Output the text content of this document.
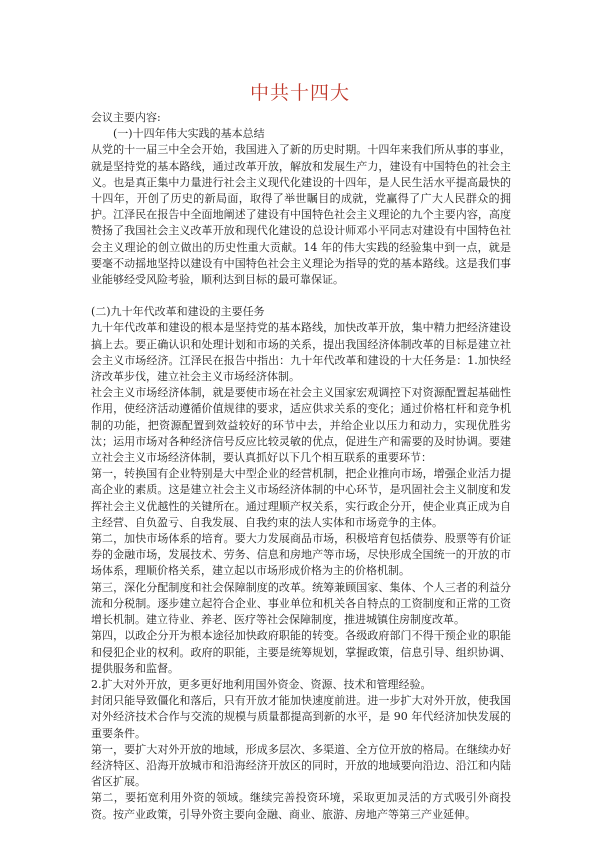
中共十四大

会议主要内容:

(一)十四年伟大实践的基本总结

从党的十一届三中全会开始，我国进入了新的历史时期。十四年来我们所从事的事业，就是坚持党的基本路线，通过改革开放，解放和发展生产力，建设有中国特色的社会主义。也是真正集中力量进行社会主义现代化建设的十四年，是人民生活水平提高最快的十四年，开创了历史的新局面，取得了举世瞩目的成就，党赢得了广大人民群众的拥护。江泽民在报告中全面地阐述了建设有中国特色社会主义理论的九个主要内容，高度赞扬了我国社会主义改革开放和现代化建设的总设计师邓小平同志对建设有中国特色社会主义理论的创立做出的历史性重大贡献。14 年的伟大实践的经验集中到一点，就是要毫不动摇地坚持以建设有中国特色社会主义理论为指导的党的基本路线。这是我们事业能够经受风险考验，顺利达到目标的最可靠保证。

(二)九十年代改革和建设的主要任务

九十年代改革和建设的根本是坚持党的基本路线，加快改革开放，集中精力把经济建设搞上去。要正确认识和处理计划和市场的关系，提出我国经济体制改革的目标是建立社会主义市场经济。江泽民在报告中指出：九十年代改革和建设的十大任务是：1.加快经济改革步伐，建立社会主义市场经济体制。

社会主义市场经济体制，就是要使市场在社会主义国家宏观调控下对资源配置起基础性作用，使经济活动遵循价值规律的要求，适应供求关系的变化；通过价格杠杆和竞争机制的功能，把资源配置到效益较好的环节中去，并给企业以压力和动力，实现优胜劣汰；运用市场对各种经济信号反应比较灵敏的优点，促进生产和需要的及时协调。要建立社会主义市场经济体制，要认真抓好以下几个相互联系的重要环节：

第一，转换国有企业特别是大中型企业的经营机制，把企业推向市场，增强企业活力提高企业的素质。这是建立社会主义市场经济体制的中心环节，是巩固社会主义制度和发挥社会主义优越性的关键所在。通过理顺产权关系，实行政企分开，使企业真正成为自主经营、自负盈亏、自我发展、自我约束的法人实体和市场竞争的主体。

第二，加快市场体系的培育。要大力发展商品市场，积极培育包括债券、股票等有价证券的金融市场，发展技术、劳务、信息和房地产等市场，尽快形成全国统一的开放的市场体系，理顺价格关系，建立起以市场形成价格为主的价格机制。

第三，深化分配制度和社会保障制度的改革。统筹兼顾国家、集体、个人三者的利益分流和分税制。逐步建立起符合企业、事业单位和机关各自特点的工资制度和正常的工资增长机制。建立待业、养老、医疗等社会保障制度，推进城镇住房制度改革。

第四，以政企分开为根本途径加快政府职能的转变。各级政府部门不得干预企业的职能和侵犯企业的权利。政府的职能，主要是统筹规划，掌握政策，信息引导、组织协调、提供服务和监督。

2.扩大对外开放，更多更好地利用国外资金、资源、技术和管理经验。

封闭只能导致僵化和落后，只有开放才能加快速度前进。进一步扩大对外开放，使我国对外经济技术合作与交流的规模与质量都提高到新的水平，是 90 年代经济加快发展的重要条件。

第一，要扩大对外开放的地域，形成多层次、多渠道、全方位开放的格局。在继续办好经济特区、沿海开放城市和沿海经济开放区的同时，开放的地域要向沿边、沿江和内陆省区扩展。

第二，要拓宽利用外资的领域。继续完善投资环境，采取更加灵活的方式吸引外商投资。按产业政策，引导外资主要向金融、商业、旅游、房地产等第三产业延伸。
